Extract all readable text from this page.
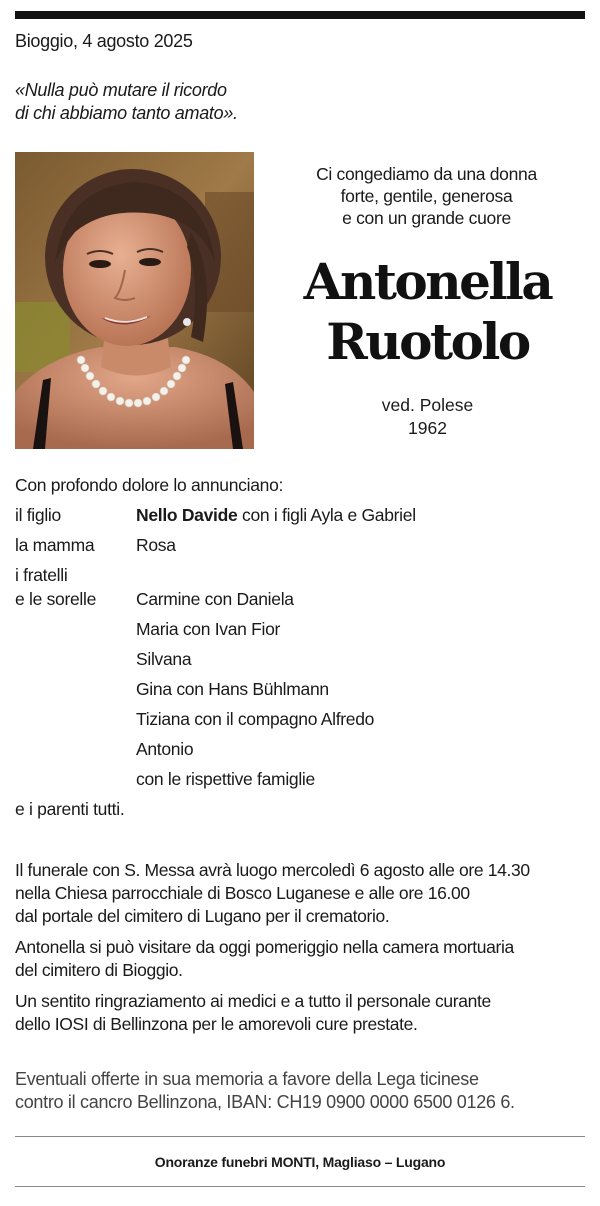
Bioggio, 4 agosto 2025
«Nulla può mutare il ricordo
di chi abbiamo tanto amato».
Ci congediamo da una donna
forte, gentile, generosa
e con un grande cuore
Antonella
Ruotolo
ved. Polese
1962
Con profondo dolore lo annunciano:
il figlio	Nello Davide con i figli Ayla e Gabriel
la mamma Rosa
i fratelli
e le sorelle Carmine con Daniela
Maria con Ivan Fior
Silvana
Gina con Hans Bühlmann
Tiziana con il compagno Alfredo
Antonio
con le rispettive famiglie
e i parenti tutti.
Il funerale con S. Messa avrà luogo mercoledì 6 agosto alle ore 14.30
nella Chiesa parrocchiale di Bosco Luganese e alle ore 16.00
dal portale del cimitero di Lugano per il crematorio.
Antonella si può visitare da oggi pomeriggio nella camera mortuaria
del cimitero di Bioggio.
Un sentito ringraziamento ai medici e a tutto il personale curante
dello IOSI di Bellinzona per le amorevoli cure prestate.
Eventuali offerte in sua memoria a favore della Lega ticinese
contro il cancro Bellinzona, IBAN: CH19 0900 0000 6500 0126 6.
Onoranze funebri MONTI, Magliaso – Lugano
